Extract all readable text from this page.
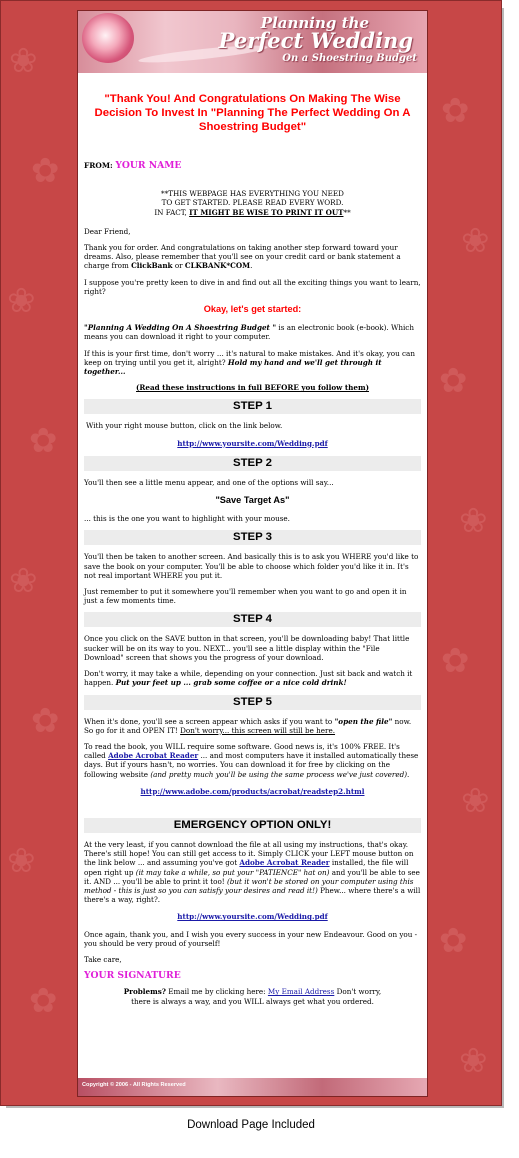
❀
✿
❀
✿
❀
✿
❀
✿
✿
❀
✿
❀
✿
❀
✿
❀
Planning the
Perfect Wedding
On a Shoestring Budget
"Thank You! And Congratulations On Making The Wise Decision To Invest In "Planning The Perfect Wedding On A Shoestring Budget"

FROM: YOUR NAME

**THIS WEBPAGE HAS EVERYTHING YOU NEED
TO GET STARTED. PLEASE READ EVERY WORD.
IN FACT, IT MIGHT BE WISE TO PRINT IT OUT**

Dear Friend,

Thank you for order. And congratulations on taking another step forward toward your dreams. Also, please remember that you'll see on your credit card or bank statement a charge from ClickBank or CLKBANK*COM.

I suppose you're pretty keen to dive in and find out all the exciting things you want to learn, right?

Okay, let's get started:

"Planning A Wedding On A Shoestring Budget " is an electronic book (e-book). Which means you can download it right to your computer.

If this is your first time, don't worry ... it's natural to make mistakes. And it's okay, you can keep on trying until you get it, alright? Hold my hand and we'll get through it together...

(Read these instructions in full BEFORE you follow them)

STEP 1

With your right mouse button, click on the link below.

http://www.yoursite.com/Wedding.pdf
STEP 2

You'll then see a little menu appear, and one of the options will say...

"Save Target As"

... this is the one you want to highlight with your mouse.

STEP 3

You'll then be taken to another screen. And basically this is to ask you WHERE you'd like to save the book on your computer. You'll be able to choose which folder you'd like it in. It's not real important WHERE you put it.

Just remember to put it somewhere you'll remember when you want to go and open it in just a few moments time.

STEP 4

Once you click on the SAVE button in that screen, you'll be downloading baby! That little sucker will be on its way to you. NEXT... you'll see a little display within the "File Download" screen that shows you the progress of your download.

Don't worry, it may take a while, depending on your connection. Just sit back and watch it happen. Put your feet up ... grab some coffee or a nice cold drink!

STEP 5

When it's done, you'll see a screen appear which asks if you want to "open the file" now. So go for it and OPEN IT! Don't worry... this screen will still be here.

To read the book, you WILL require some software. Good news is, it's 100% FREE. It's called Adobe Acrobat Reader ... and most computers have it installed automatically these days. But if yours hasn't, no worries. You can download it for free by clicking on the following website (and pretty much you'll be using the same process we've just covered).

http://www.adobe.com/products/acrobat/readstep2.html
EMERGENCY OPTION ONLY!

At the very least, if you cannot download the file at all using my instructions, that's okay. There's still hope! You can still get access to it. Simply CLICK your LEFT mouse button on the link below ... and assuming you've got Adobe Acrobat Reader installed, the file will open right up (it may take a while, so put your "PATIENCE" hat on) and you'll be able to see it. AND ... you'll be able to print it too! (but it won't be stored on your computer using this method - this is just so you can satisfy your desires and read it!) Phew... where there's a will there's a way, right?.

http://www.yoursite.com/Wedding.pdf

Once again, thank you, and I wish you every success in your new Endeavour. Good on you - you should be very proud of yourself!

Take care,

YOUR SIGNATURE

Problems? Email me by clicking here: My Email Address Don't worry,
there is always a way, and you WILL always get what you ordered.
Copyright © 2006 - All Rights Reserved
Download Page Included
